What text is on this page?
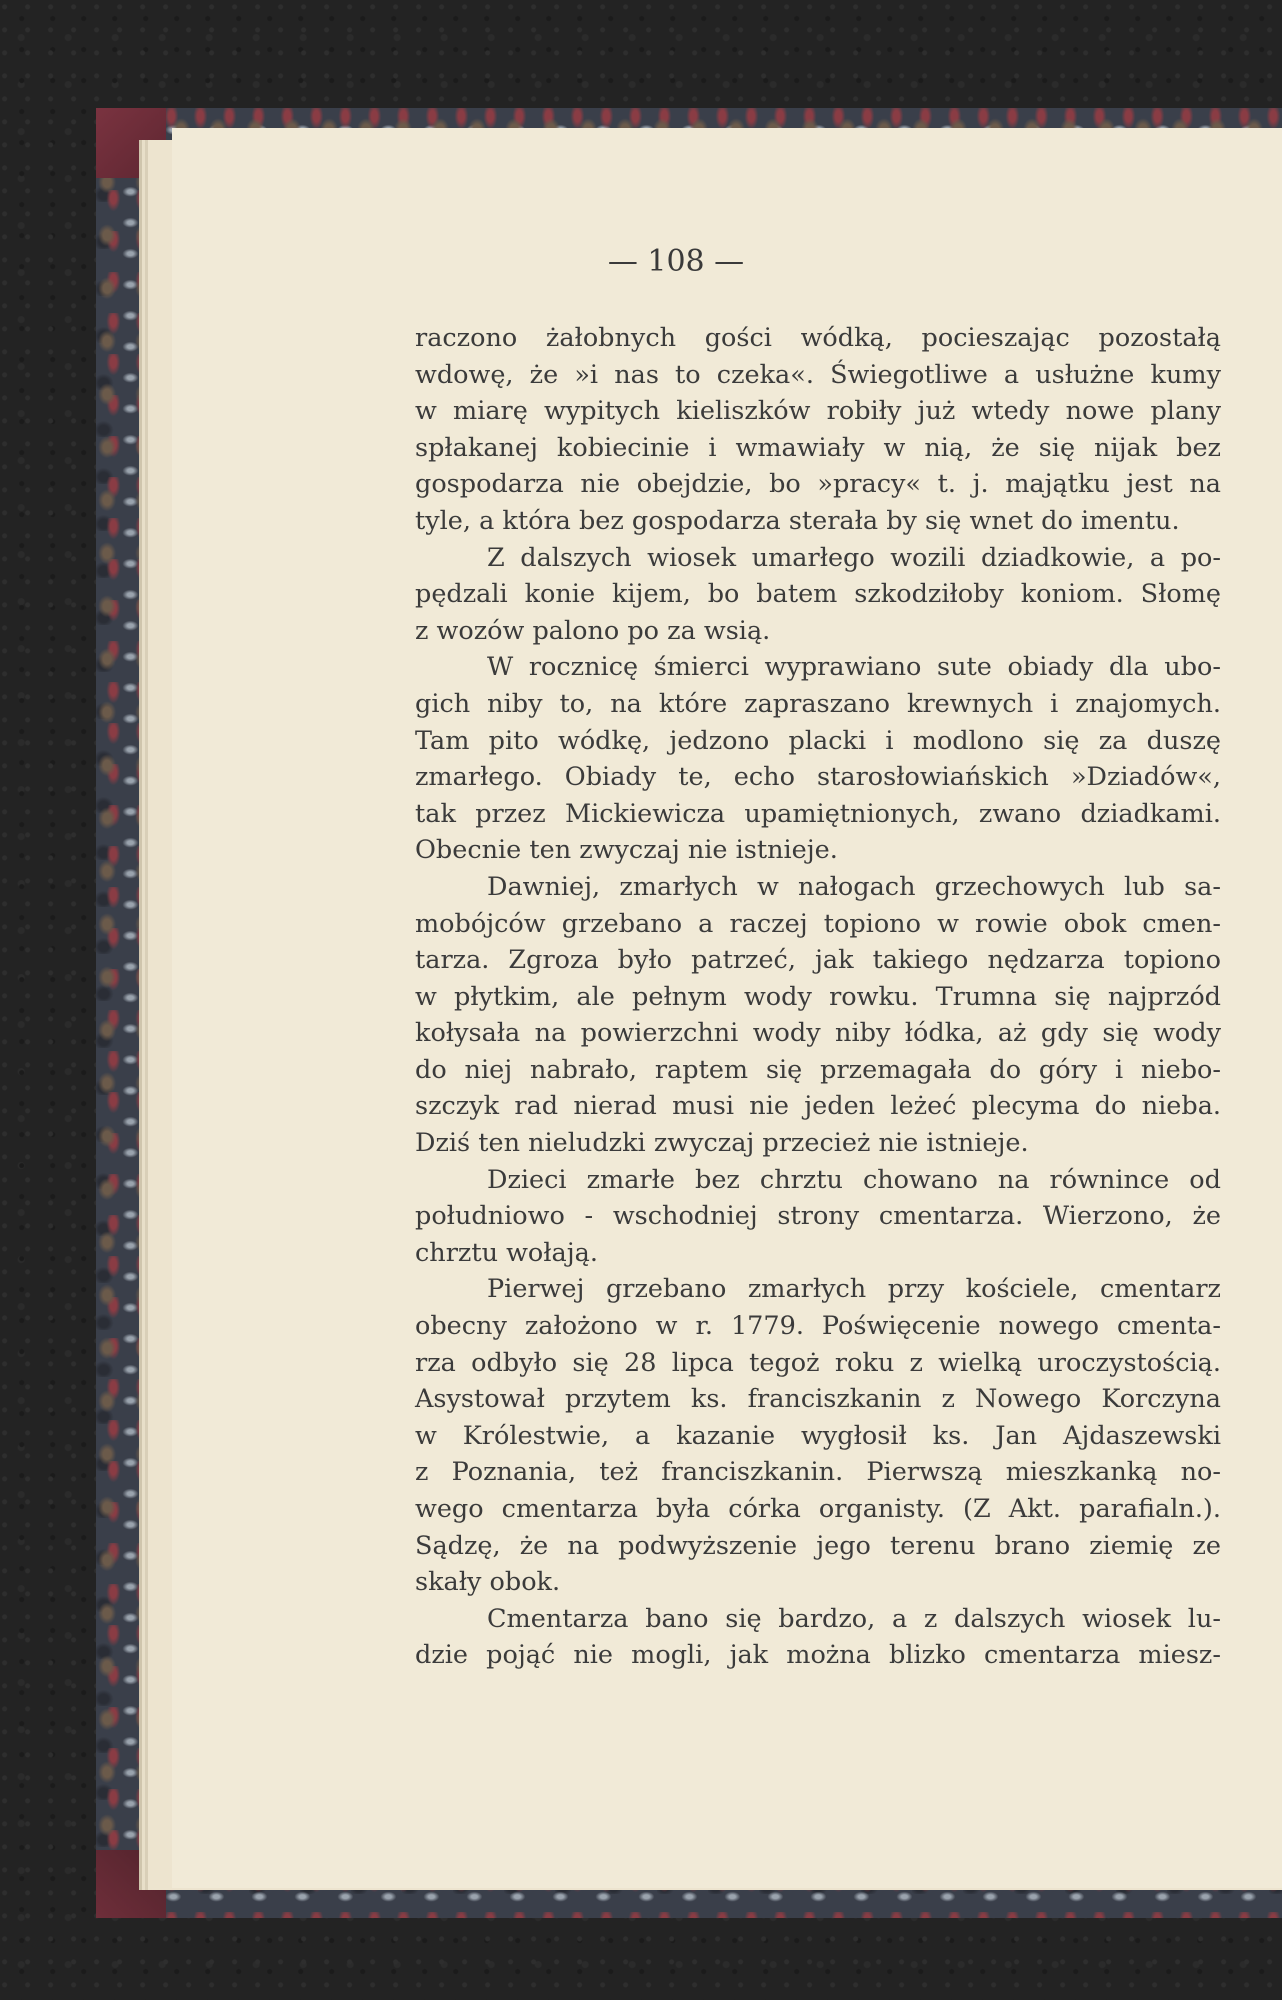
— 108 —
raczono żałobnych gości wódką, pocieszając pozostałą
wdowę, że »i nas to czeka«. Świegotliwe a usłużne kumy
w miarę wypitych kieliszków robiły już wtedy nowe plany
spłakanej kobiecinie i wmawiały w nią, że się nijak bez
gospodarza nie obejdzie, bo »pracy« t. j. majątku jest na
tyle, a która bez gospodarza sterała by się wnet do imentu.
Z dalszych wiosek umarłego wozili dziadkowie, a po-
pędzali konie kijem, bo batem szkodziłoby koniom. Słomę
z wozów palono po za wsią.
W rocznicę śmierci wyprawiano sute obiady dla ubo-
gich niby to, na które zapraszano krewnych i znajomych.
Tam pito wódkę, jedzono placki i modlono się za duszę
zmarłego. Obiady te, echo starosłowiańskich »Dziadów«,
tak przez Mickiewicza upamiętnionych, zwano dziadkami.
Obecnie ten zwyczaj nie istnieje.
Dawniej, zmarłych w nałogach grzechowych lub sa-
mobójców grzebano a raczej topiono w rowie obok cmen-
tarza. Zgroza było patrzeć, jak takiego nędzarza topiono
w płytkim, ale pełnym wody rowku. Trumna się najprzód
kołysała na powierzchni wody niby łódka, aż gdy się wody
do niej nabrało, raptem się przemagała do góry i niebo-
szczyk rad nierad musi nie jeden leżeć plecyma do nieba.
Dziś ten nieludzki zwyczaj przecież nie istnieje.
Dzieci zmarłe bez chrztu chowano na równince od
południowo - wschodniej strony cmentarza. Wierzono, że
chrztu wołają.
Pierwej grzebano zmarłych przy kościele, cmentarz
obecny założono w r. 1779. Poświęcenie nowego cmenta-
rza odbyło się 28 lipca tegoż roku z wielką uroczystością.
Asystował przytem ks. franciszkanin z Nowego Korczyna
w Królestwie, a kazanie wygłosił ks. Jan Ajdaszewski
z Poznania, też franciszkanin. Pierwszą mieszkanką no-
wego cmentarza była córka organisty. (Z Akt. parafialn.).
Sądzę, że na podwyższenie jego terenu brano ziemię ze
skały obok.
Cmentarza bano się bardzo, a z dalszych wiosek lu-
dzie pojąć nie mogli, jak można blizko cmentarza miesz-
